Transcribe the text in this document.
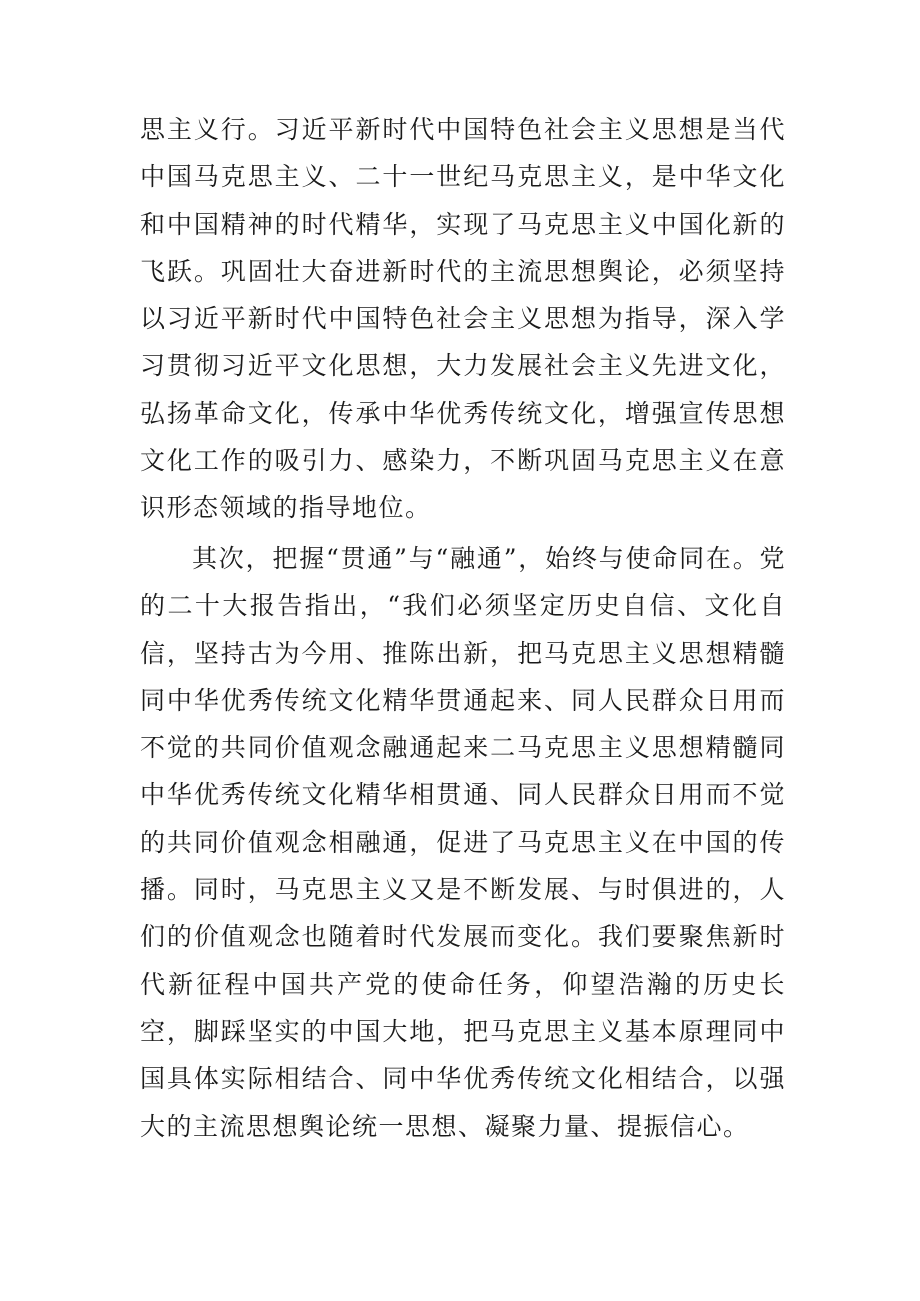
思主义行。习近平新时代中国特色社会主义思想是当代中国马克思主义、二十一世纪马克思主义，是中华文化和中国精神的时代精华，实现了马克思主义中国化新的飞跃。巩固壮大奋进新时代的主流思想舆论，必须坚持以习近平新时代中国特色社会主义思想为指导，深入学习贯彻习近平文化思想，大力发展社会主义先进文化，弘扬革命文化，传承中华优秀传统文化，增强宣传思想文化工作的吸引力、感染力，不断巩固马克思主义在意识形态领域的指导地位。

其次，把握“贯通”与“融通”，始终与使命同在。党的二十大报告指出，“我们必须坚定历史自信、文化自信，坚持古为今用、推陈出新，把马克思主义思想精髓同中华优秀传统文化精华贯通起来、同人民群众日用而不觉的共同价值观念融通起来二马克思主义思想精髓同中华优秀传统文化精华相贯通、同人民群众日用而不觉的共同价值观念相融通，促进了马克思主义在中国的传播。同时，马克思主义又是不断发展、与时俱进的，人们的价值观念也随着时代发展而变化。我们要聚焦新时代新征程中国共产党的使命任务，仰望浩瀚的历史长空，脚踩坚实的中国大地，把马克思主义基本原理同中国具体实际相结合、同中华优秀传统文化相结合，以强大的主流思想舆论统一思想、凝聚力量、提振信心。
